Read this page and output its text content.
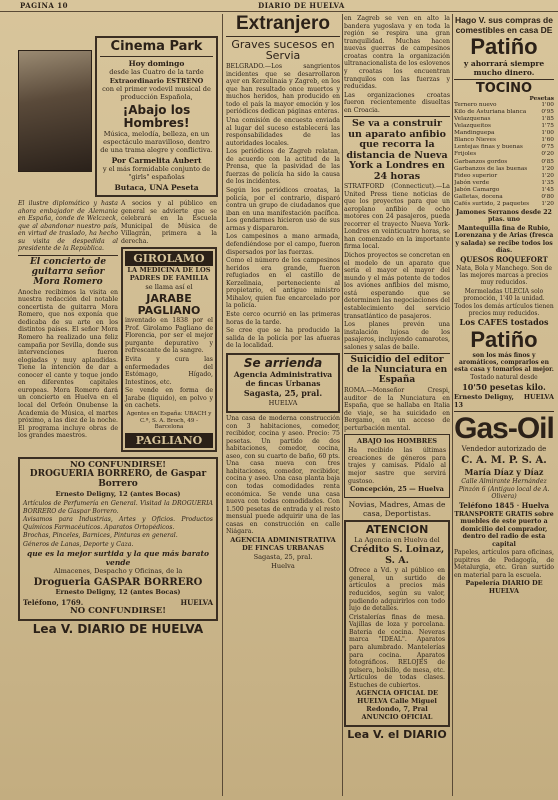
PAGINA 10	DIARIO DE HUELVA

Cinema Park
Hoy domingo
desde las Cuatro de la tarde
Extraordinario ESTRENO
con el primer vodevil musical de producción Española,
¡Abajo los Hombres!
Música, melodía, belleza, en un espectáculo maravilloso, dentro de una trama alegre y conflictiva.
Por Carmelita Aubert
y el más formidable conjunto de "girls" españolas
Butaca, UNA Peseta
El ilustre diplomático y hasta ahora embajador de Alemania en España, conde de Welczeck, que al abandonar nuestro país, en virtud de traslado, ha hecho su visita de despedida al presidente de la República.
El concierto de guitarra señor Mora Romero
Anoche recibimos la visita en nuestra redacción del notable concertista de guitarra Mora Romero, que nos exponía que dedicaba de su arte en los distintos países. El señor Mora Romero ha realizado una feliz campaña por Sevilla, donde sus intervenciones fueron elogiadas y muy aplaudidas. Tiene la intención de dar a conocer el cante y toque jondo en diferentes capitales europeas. Mora Romero dará un concierto en Huelva en el local del Orfeón Onubense la Academia de Música, el martes próximo, a las diez de la noche. El programa incluye obras de los grandes maestros.
A socios y al público en general se advierte que se celebrará en la Escuela Municipal de Música de Villagrán, primera a la derecha.
GIROLAMO
LA MEDICINA DE LOS PADRES DE FAMILIA
se llama así el
JARABE PAGLIANO
inventado en 1838 por el Prof. Girolamo Pagliano de Florencia, por ser el mejor purgante depurativo y refrescante de la sangre.
Evita y cura las enfermedades del Estómago, Hígado, Intestinos, etc.
Se vende en forma de Jarabe (liquido), en polvo y en cachets.
Agentes en España: UBACH y C.ª, S. A. Broch, 49 - Barcelona
PAGLIANO
NO CONFUNDIRSE!
DROGUERIA BORRERO, de Gaspar Borrero
Ernesto Deligny, 12 (antes Bocas)
Artículos de Perfumería en General. Visitad la DROGUERIA BORRERO de Gaspar Borrero.
Avisamos para Industrias, Artes y Oficios. Productos Químicos Farmacéuticos. Aparatos Ortopédicos.
Brochas, Pinceles, Barnices, Pinturas en general.
Géneros de Lanas, Deporte y Caza.
que es la mejor surtida y la que más barato vende
Almacenes, Despacho y Oficinas, de la
Drogueria GASPAR BORRERO
Ernesto Deligny, 12 (antes Bocas)
Teléfono, 1769.	HUELVA
NO CONFUNDIRSE!
Lea V. DIARIO DE HUELVA
Extranjero
Graves sucesos en Servia
BELGRADO.—Los sangrientos incidentes que se desarrollaron ayer en Kerzelinaia y Zagreb, en los que han resultado once muertos y muchos heridos, han producido en todo el país la mayor emoción y los periódicos dedican páginas enteras.
Una comisión de encuesta enviada al lugar del suceso establecerá las responsabilidades de las autoridades locales.
Los periódicos de Zagreb relatan, de acuerdo con la actitud de la Prensa, que la pasividad de las fuerzas de policía ha sido la causa de los incidentes.
Según los periódicos croatas, la policía, por el contrario, disparó contra un grupo de ciudadanos que iban en una manifestación pacífica. Los gendarmes hicieron uso de sus armas y dispararon.
Los campesinos a mano armada, defendiéndose por el campo, fueron dispersados por las fuerzas.
Como el número de los campesinos heridos era grande, fueron refugiados en el castillo de Kerzelinaia, perteneciente al propietario, el antiguo ministro Mihalov, quien fue encarcelado por la policía.
Este cerco ocurrió en las primeras horas de la tarde.
Se cree que se ha producido la salida de la policía por las afueras de la localidad.
Se arrienda
Agencia Administrativa de fincas Urbanas
Sagasta, 25, pral.
HUELVA
Una casa de moderna construcción con 3 habitaciones, comedor, recibidor, cocina y aseo. Precio: 75 pesetas. Un partido de dos habitaciones, comedor, cocina, aseo, con su cuarto de baño, 60 pts. Una casa nueva con tres habitaciones, comedor, recibidor, cocina y aseo. Una casa planta baja con todas comodidades renta económica. Se vende una casa nueva con todas comodidades. Con 1.500 pesetas de entrada y el resto mensual puede adquirir una de las casas en construcción en calle Niágara.
AGENCIA ADMINISTRATIVA DE FINCAS URBANAS
Sagasta, 25, pral.
Huelva
en Zagreb se ven en alto la bandera yugoslava y en toda la región se respira una gran tranquilidad. Muchas hacen nuevas guerras de campesinos croatas contra la organización ultranacionalista de los eslovenos y croatas los encuentran tranquilos con las fuerzas y reducidas.
Las organizaciones croatas fueron recientemente disueltas en Croacia.
Se va a construir un aparato anfibio que recorra la distancia de Nueva York a Londres en 24 horas
STRATFORD (Connecticut).—La United Press tiene noticias de que los proyectos para que un aeroplano anfibio de ocho motores con 24 pasajeros, pueda recorrer el trayecto Nueva York-Londres en veinticuatro horas, se han comenzado en la importante firma local.
Dichos proyectos se concretan en el modelo de un aparato que sería el mayor el mayor del mundo y el más potente de todos los aviones anfibios del mismo, está esperando que se determinen las negociaciones del establecimiento del servicio transatlántico de pasajeros.
Los planes prevén una instalación lujosa de los pasajeros, incluyendo camarotes, salones y salas de baile.
Suicidio del editor de la Nunciatura en España
ROMA.—Monseñor Crespi, auditor de la Nunciatura en España, que se hallaba en Italia de viaje, se ha suicidado en Bergamo, en un acceso de perturbación mental.
ABAJO los HOMBRES
Ha recibido las últimas creaciones de géneros para trajes y camisas. Pídalo al mejor sastre que servirá gustoso.
Concepción, 25 — Huelva
Novias, Madres, Amas de casa, Deportistas.
ATENCION
La Agencia en Huelva del
Crédito S. Loinaz, S. A.
Ofrece a Vd. y al público en general, un surtido de artículos a precios más reducidos, según su valor, pudiendo adquirirlos con todo lujo de detalles.
Cristalerías finas de mesa. Vajillas de loza y porcelana. Bateria de cocina. Neveras marca "IDEAL". Aparatos para alumbrado. Mantelerías para cocina. Aparatos fotográficos. RELOJES de pulsera, bolsillo, de mesa, etc. Artículos de todas clases. Estuches de cubiertos.
AGENCIA OFICIAL DE HUELVA Calle Miguel Redondo, 7, Pral ANUNCIO OFICIAL
Lea V. el DIARIO
Hago V. sus compras de comestibles en casa DE
Patiño
y ahorrará siempre mucho dinero.
TOCINO
Pesetas
Ternero nuevo	1'00
Kilo de Asturiana blanca	0'95
Velazquenas	1'85
Velazqueitos	1'75
Mandinguepa	1'00
Blanco Nieves	1'60
Lentejas finas y buenas	0'75
Frijoles	0'20
Garbanzos gordos	0'85
Garbanzos de las buenas 1'20
Fideo superior	1'20
Jabón verde	1'35
Jabón Camargo	1'45
Galletas, docena	0'80
Cafés surtido, 2 paquetes 1'20
Jamones Serranos desde 22 ptas. uno
Mantequilla fina de Rubio, Lorenzana y de Arias (fresca y salada) se recibe todos los días.
QUESOS ROQUEFORT
Nata, Bola y Manchego. Son de las mejores marcas a precios muy reducidos.
Mermeladas ULECIA solo promoción, 1'40 la unidad.
Todos los demás artículos tienen precios muy reducidos.
Los CAFES tostados
Patiño
son los más finos y aromáticos, comprarlos en esta casa y tomarlos al mejor.
Tostado natural desde
10'50 pesetas kilo.
Ernesto Deligny, 13
HUELVA
Gas-Oil
Vendedor autorizado de
C. A. M. P. S. A.
María Díaz y Díaz
Calle Almirante Hernández Pinzón 6 (Antiguo local de A. Olivera)
Teléfono 1845 · Huelva
TRANSPORTE GRATIS sobre muebles de este puerto a domicilio del comprador, dentro del radio de esta capital
Papeles, artículos para oficinas, pupitres de Pedagogía, de Metalurgia, etc. Gran surtido en material para la escuela.
Papelería DIARIO DE HUELVA
